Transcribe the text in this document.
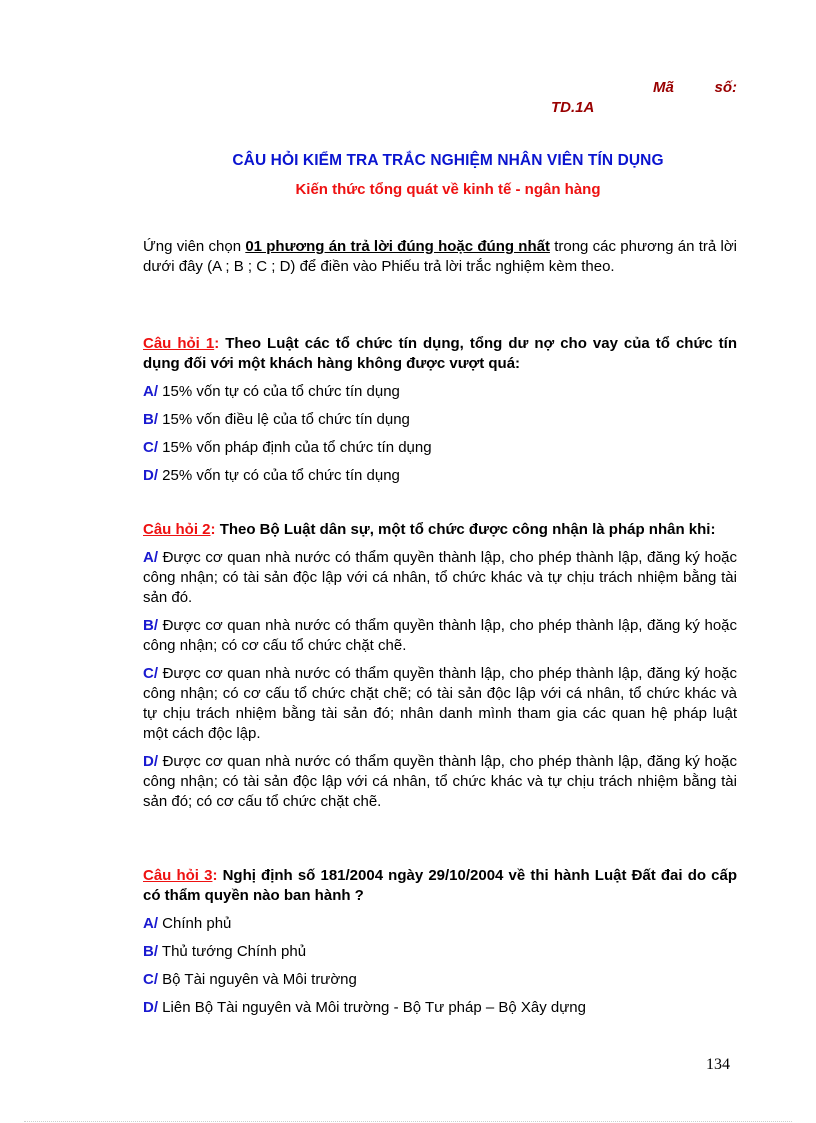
Mã	số:
TD.1A
CÂU HỎI KIỂM TRA TRẮC NGHIỆM NHÂN VIÊN TÍN DỤNG
Kiến thức tổng quát về kinh tế - ngân hàng
Ứng viên chọn 01 phương án trả lời đúng hoặc đúng nhất trong các phương án trả lời dưới đây (A ; B ; C ; D) để điền vào Phiếu trả lời trắc nghiệm kèm theo.

Câu hỏi 1: Theo Luật các tổ chức tín dụng, tổng dư nợ cho vay của tổ chức tín dụng đối với một khách hàng không được vượt quá:

A/ 15% vốn tự có của tổ chức tín dụng

B/ 15% vốn điều lệ của tổ chức tín dụng

C/ 15% vốn pháp định của tổ chức tín dụng

D/ 25% vốn tự có của tổ chức tín dụng

Câu hỏi 2: Theo Bộ Luật dân sự, một tổ chức được công nhận là pháp nhân khi:

A/ Được cơ quan nhà nước có thẩm quyền thành lập, cho phép thành lập, đăng ký hoặc công nhận; có tài sản độc lập với cá nhân, tổ chức khác và tự chịu trách nhiệm bằng tài sản đó.

B/ Được cơ quan nhà nước có thẩm quyền thành lập, cho phép thành lập, đăng ký hoặc công nhận; có cơ cấu tổ chức chặt chẽ.

C/ Được cơ quan nhà nước có thẩm quyền thành lập, cho phép thành lập, đăng ký hoặc công nhận; có cơ cấu tổ chức chặt chẽ; có tài sản độc lập với cá nhân, tổ chức khác và tự chịu trách nhiệm bằng tài sản đó; nhân danh mình tham gia các quan hệ pháp luật một cách độc lập.

D/ Được cơ quan nhà nước có thẩm quyền thành lập, cho phép thành lập, đăng ký hoặc công nhận; có tài sản độc lập với cá nhân, tổ chức khác và tự chịu trách nhiệm bằng tài sản đó; có cơ cấu tổ chức chặt chẽ.

Câu hỏi 3: Nghị định số 181/2004 ngày 29/10/2004 về thi hành Luật Đất đai do cấp có thẩm quyền nào ban hành ?

A/ Chính phủ

B/ Thủ tướng Chính phủ

C/ Bộ Tài nguyên và Môi trường

D/ Liên Bộ Tài nguyên và Môi trường - Bộ Tư pháp – Bộ Xây dựng

134
